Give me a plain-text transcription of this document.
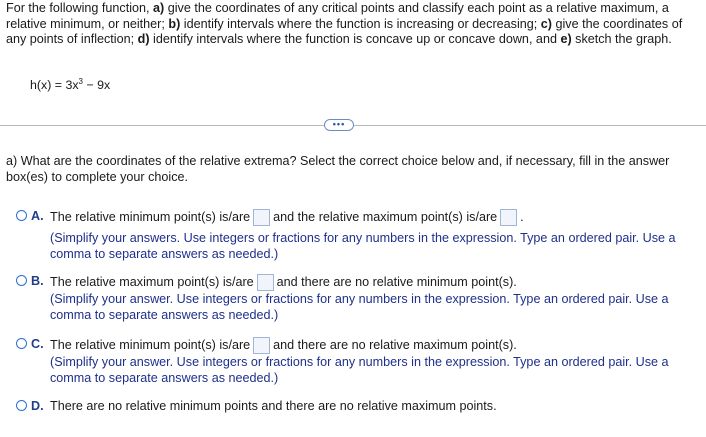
For the following function, a) give the coordinates of any critical points and classify each point as a relative maximum, a relative minimum, or neither; b) identify intervals where the function is increasing or decreasing; c) give the coordinates of any points of inflection; d) identify intervals where the function is concave up or concave down, and e) sketch the graph.
$h(x) = 3x^3 - 9x$
•••
a) What are the coordinates of the relative extrema? Select the correct choice below and, if necessary, fill in the answer box(es) to complete your choice.
A. The relative minimum point(s) is/are and the relative maximum point(s) is/are .
(Simplify your answers. Use integers or fractions for any numbers in the expression. Type an ordered pair. Use a comma to separate answers as needed.)
B. The relative maximum point(s) is/are and there are no relative minimum point(s).
(Simplify your answer. Use integers or fractions for any numbers in the expression. Type an ordered pair. Use a comma to separate answers as needed.)
C. The relative minimum point(s) is/are and there are no relative maximum point(s).
(Simplify your answer. Use integers or fractions for any numbers in the expression. Type an ordered pair. Use a comma to separate answers as needed.)
D. There are no relative minimum points and there are no relative maximum points.
